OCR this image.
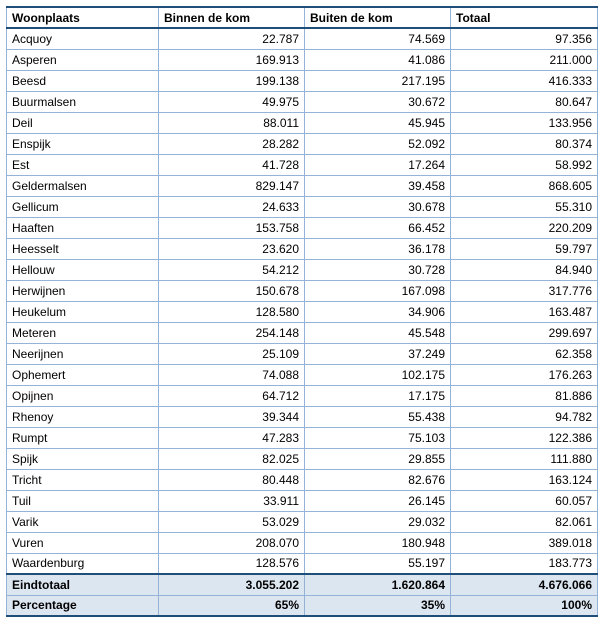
Woonplaats	Binnen de kom	Buiten de kom	Totaal
Acquoy	22.787	74.569	97.356
Asperen	169.913	41.086	211.000
Beesd	199.138	217.195	416.333
Buurmalsen	49.975	30.672	80.647
Deil	88.011	45.945	133.956
Enspijk	28.282	52.092	80.374
Est	41.728	17.264	58.992
Geldermalsen	829.147	39.458	868.605
Gellicum	24.633	30.678	55.310
Haaften	153.758	66.452	220.209
Heesselt	23.620	36.178	59.797
Hellouw	54.212	30.728	84.940
Herwijnen	150.678	167.098	317.776
Heukelum	128.580	34.906	163.487
Meteren	254.148	45.548	299.697
Neerijnen	25.109	37.249	62.358
Ophemert	74.088	102.175	176.263
Opijnen	64.712	17.175	81.886
Rhenoy	39.344	55.438	94.782
Rumpt	47.283	75.103	122.386
Spijk	82.025	29.855	111.880
Tricht	80.448	82.676	163.124
Tuil	33.911	26.145	60.057
Varik	53.029	29.032	82.061
Vuren	208.070	180.948	389.018
Waardenburg	128.576	55.197	183.773
Eindtotaal	3.055.202	1.620.864	4.676.066
Percentage	65%	35%	100%
